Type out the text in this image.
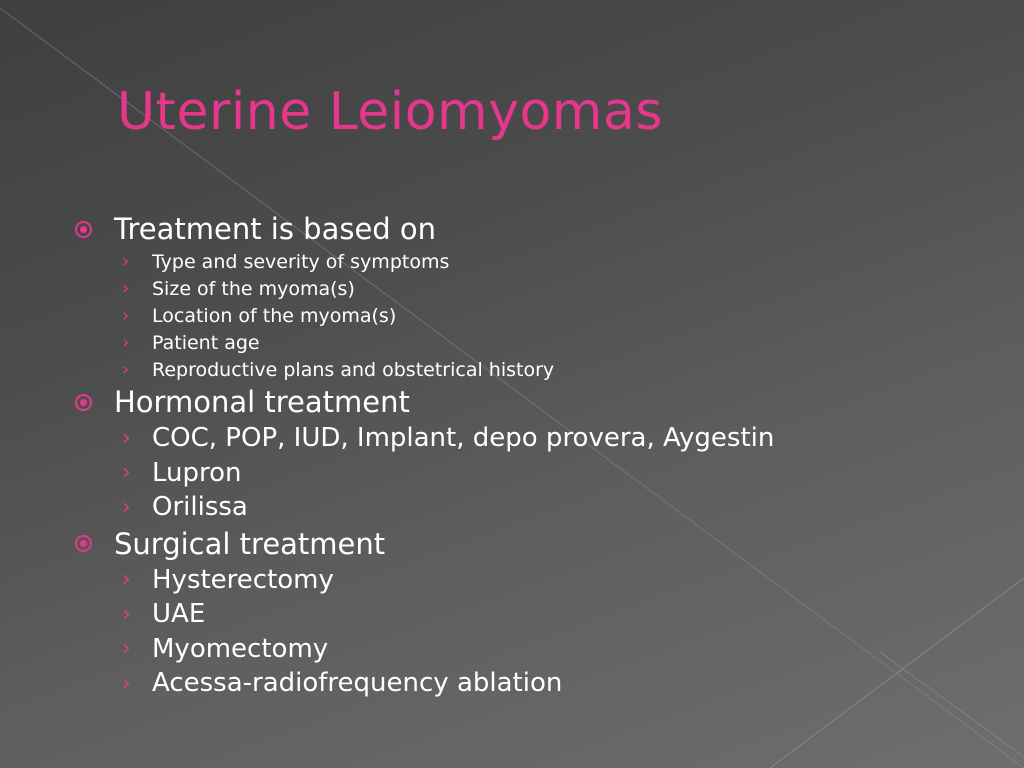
Uterine Leiomyomas
Treatment is based on
›	Type and severity of symptoms
›	Size of the myoma(s)
›	Location of the myoma(s)
›	Patient age
›	Reproductive plans and obstetrical history
Hormonal treatment
› COC, POP, IUD, Implant, depo provera, Aygestin
› Lupron
› Orilissa
Surgical treatment
› Hysterectomy
› UAE
› Myomectomy
› Acessa-radiofrequency ablation
